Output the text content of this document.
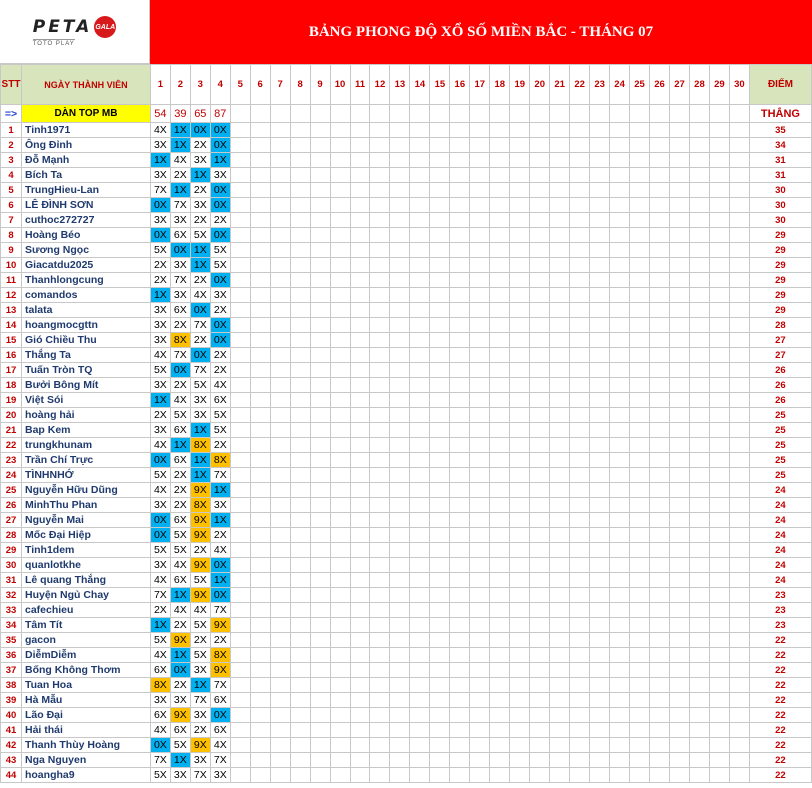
PETA GALA
TOTO PLAY
BẢNG PHONG ĐỘ XỔ SỐ MIỀN BẮC - THÁNG 07
STT	NGÀY THÀNH VIÊN	1	2	3	4	5	6	7	8	9	10	11	12	13	14	15	16	17	18	19	20	21	22	23	24	25	26	27	28	29	30	ĐIỂM
=>	DÀN TOP MB	54	39	65	87																											THẮNG
1	Tinh1971	4X	1X	0X	0X																											35
2	Ông Đỉnh	3X	1X	2X	0X																											34
3	Đỗ Mạnh	1X	4X	3X	1X																											31
4	Bích Ta	3X	2X	1X	3X																											31
5	TrungHieu-Lan	7X	1X	2X	0X																											30
6	LÊ ĐÌNH SƠN	0X	7X	3X	0X																											30
7	cuthoc272727	3X	3X	2X	2X																											30
8	Hoàng Béo	0X	6X	5X	0X																											29
9	Sương Ngọc	5X	0X	1X	5X																											29
10	Giacatdu2025	2X	3X	1X	5X																											29
11	Thanhlongcung	2X	7X	2X	0X																											29
12	comandos	1X	3X	4X	3X																											29
13	talata	3X	6X	0X	2X																											29
14	hoangmocgttn	3X	2X	7X	0X																											28
15	Gió Chiều Thu	3X	8X	2X	0X																											27
16	Thắng Ta	4X	7X	0X	2X																											27
17	Tuấn Tròn TQ	5X	0X	7X	2X																											26
18	Bưởi Bông Mít	3X	2X	5X	4X																											26
19	Việt Sói	1X	4X	3X	6X																											26
20	hoàng hải	2X	5X	3X	5X																											25
21	Bap Kem	3X	6X	1X	5X																											25
22	trungkhunam	4X	1X	8X	2X																											25
23	Trần Chí Trực	0X	6X	1X	8X																											25
24	TÌNHNHỚ	5X	2X	1X	7X																											25
25	Nguyễn Hữu Dũng	4X	2X	9X	1X																											24
26	MinhThu Phan	3X	2X	8X	3X																											24
27	Nguyễn Mai	0X	6X	9X	1X																											24
28	Mốc Đại Hiệp	0X	5X	9X	2X																											24
29	Tinh1dem	5X	5X	2X	4X																											24
30	quanlotkhe	3X	4X	9X	0X																											24
31	Lê quang Thắng	4X	6X	5X	1X																											24
32	Huyện Ngủ Chay	7X	1X	9X	0X																											23
33	cafechieu	2X	4X	4X	7X																											23
34	Tâm Tít	1X	2X	5X	9X																											23
35	gacon	5X	9X	2X	2X																											22
36	DiễmDiễm	4X	1X	5X	8X																											22
37	Bống Không Thơm	6X	0X	3X	9X																											22
38	Tuan Hoa	8X	2X	1X	7X																											22
39	Hà Mẫu	3X	3X	7X	6X																											22
40	Lão Đại	6X	9X	3X	0X																											22
41	Hải thái	4X	6X	2X	6X																											22
42	Thanh Thùy Hoàng	0X	5X	9X	4X																											22
43	Nga Nguyen	7X	1X	3X	7X																											22
44	hoangha9	5X	3X	7X	3X																											22
